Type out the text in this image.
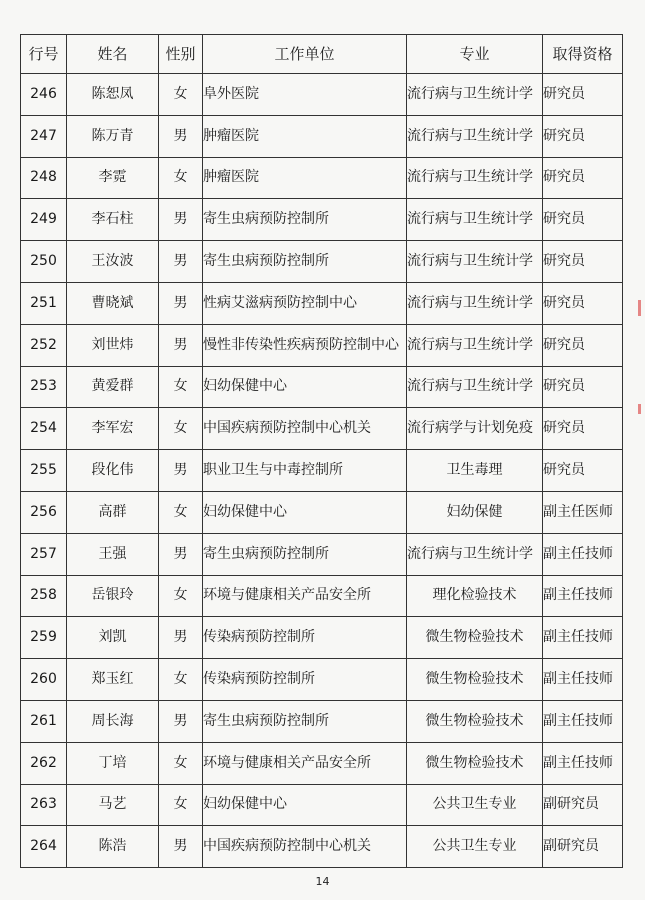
行号	姓名	性别	工作单位	专业	取得资格

246	陈恕凤	女	阜外医院	流行病与卫生统计学	研究员

247	陈万青	男	肿瘤医院	流行病与卫生统计学	研究员

248	李霓	女	肿瘤医院	流行病与卫生统计学	研究员

249	李石柱	男	寄生虫病预防控制所	流行病与卫生统计学	研究员

250	王汝波	男	寄生虫病预防控制所	流行病与卫生统计学	研究员

251	曹晓斌	男	性病艾滋病预防控制中心	流行病与卫生统计学	研究员

252	刘世炜	男	慢性非传染性疾病预防控制中心	流行病与卫生统计学	研究员

253	黄爱群	女	妇幼保健中心	流行病与卫生统计学	研究员

254	李军宏	女	中国疾病预防控制中心机关	流行病学与计划免疫	研究员

255	段化伟	男	职业卫生与中毒控制所	卫生毒理	研究员

256	高群	女	妇幼保健中心	妇幼保健	副主任医师

257	王强	男	寄生虫病预防控制所	流行病与卫生统计学	副主任技师

258	岳银玲	女	环境与健康相关产品安全所	理化检验技术	副主任技师

259	刘凯	男	传染病预防控制所	微生物检验技术	副主任技师

260	郑玉红	女	传染病预防控制所	微生物检验技术	副主任技师

261	周长海	男	寄生虫病预防控制所	微生物检验技术	副主任技师

262	丁培	女	环境与健康相关产品安全所	微生物检验技术	副主任技师

263	马艺	女	妇幼保健中心	公共卫生专业	副研究员

264	陈浩	男	中国疾病预防控制中心机关	公共卫生专业	副研究员
14
